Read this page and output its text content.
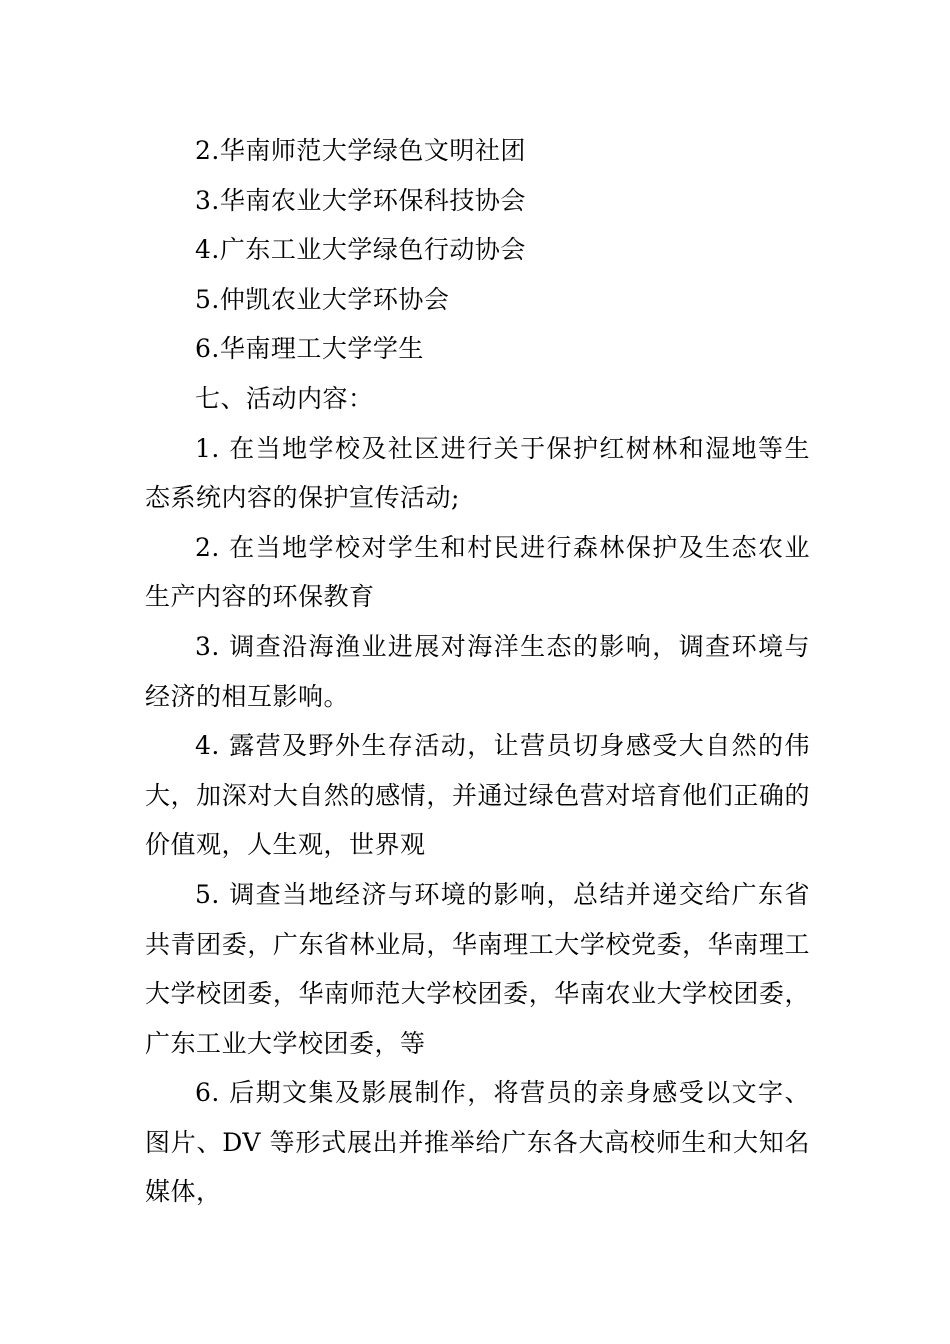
2.华南师范大学绿色文明社团

3.华南农业大学环保科技协会

4.广东工业大学绿色行动协会

5.仲凯农业大学环协会

6.华南理工大学学生

七、活动内容：

1. 在当地学校及社区进行关于保护红树林和湿地等生态系统内容的保护宣传活动;

2. 在当地学校对学生和村民进行森林保护及生态农业生产内容的环保教育

3. 调查沿海渔业进展对海洋生态的影响，调查环境与经济的相互影响。

4. 露营及野外生存活动，让营员切身感受大自然的伟大，加深对大自然的感情，并通过绿色营对培育他们正确的价值观，人生观，世界观

5. 调查当地经济与环境的影响，总结并递交给广东省共青团委，广东省林业局，华南理工大学校党委，华南理工大学校团委，华南师范大学校团委，华南农业大学校团委，广东工业大学校团委，等

6. 后期文集及影展制作，将营员的亲身感受以文字、图片、DV 等形式展出并推举给广东各大高校师生和大知名媒体，
